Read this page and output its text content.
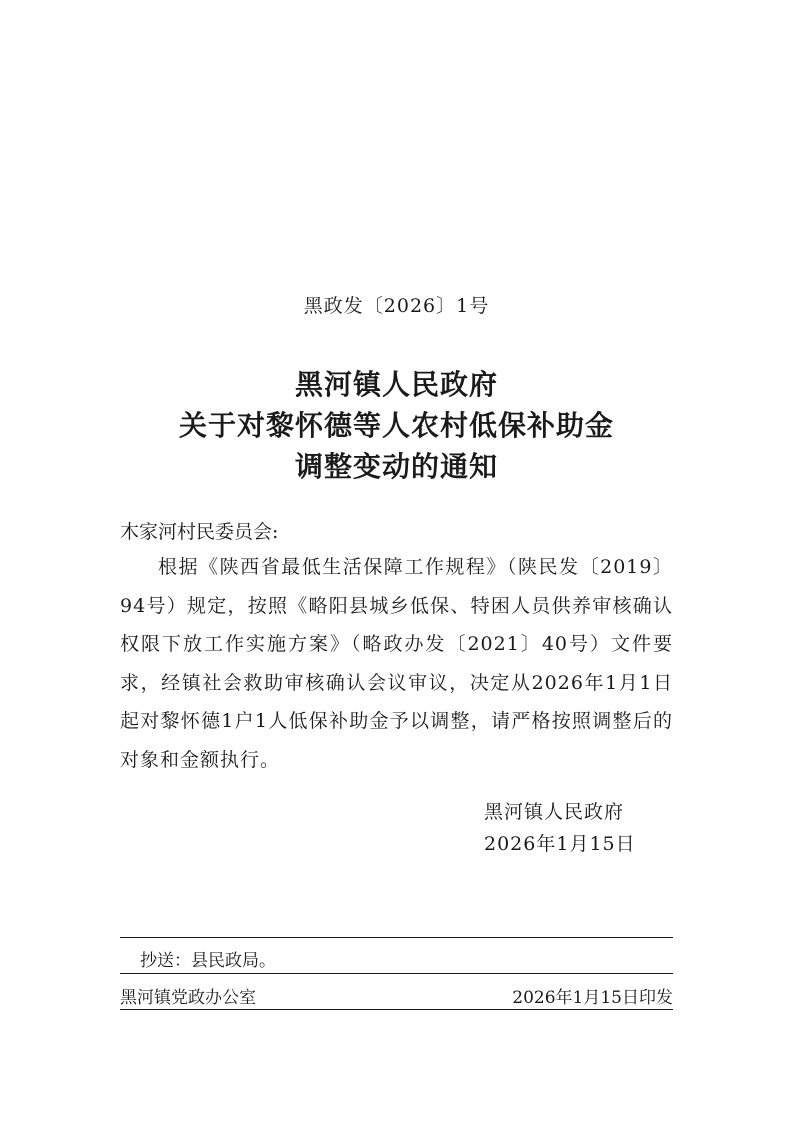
黑政发〔2026〕1号
黑河镇人民政府
关于对黎怀德等人农村低保补助金
调整变动的通知
木家河村民委员会:
根据《陕西省最低生活保障工作规程》（陕民发〔2019〕94号）规定，按照《略阳县城乡低保、特困人员供养审核确认权限下放工作实施方案》（略政办发〔2021〕40号）文件要求，经镇社会救助审核确认会议审议，决定从2026年1月1日起对黎怀德1户1人低保补助金予以调整，请严格按照调整后的对象和金额执行。
黑河镇人民政府
2026年1月15日
抄送：县民政局。
黑河镇党政办公室	2026年1月15日印发
